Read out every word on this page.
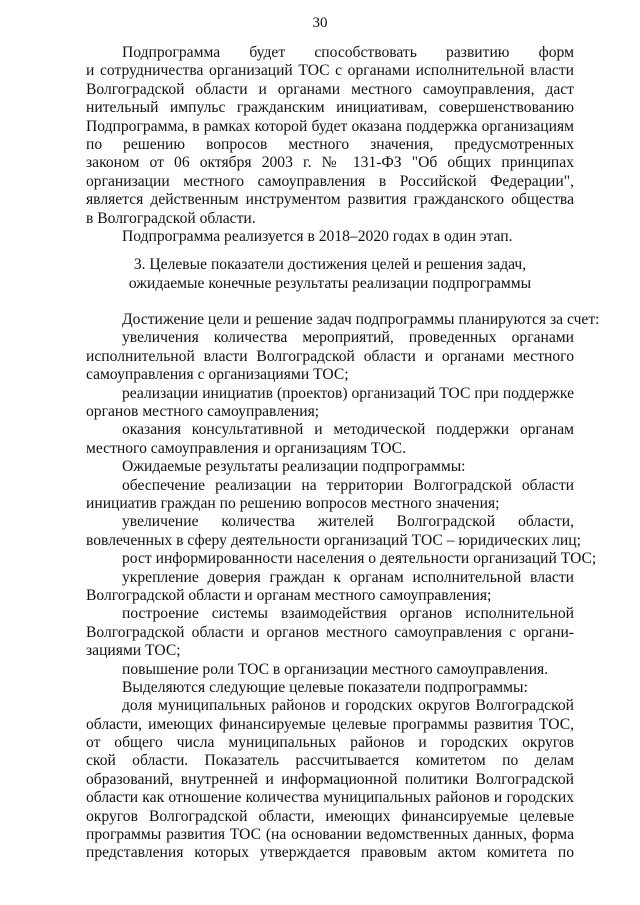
30
Подпрограмма будет способствовать развитию форм
и сотрудничества организаций ТОС с органами исполнительной власти
Волгоградской области и органами местного самоуправления, даст
нительный импульс гражданским инициативам, совершенствованию
Подпрограмма, в рамках которой будет оказана поддержка организациям
по решению вопросов местного значения, предусмотренных
законом от 06 октября 2003 г. № 131-ФЗ "Об общих принципах
организации местного самоуправления в Российской Федерации",
является действенным инструментом развития гражданского общества
в Волгоградской области.
Подпрограмма реализуется в 2018–2020 годах в один этап.
3. Целевые показатели достижения целей и решения задач,
ожидаемые конечные результаты реализации подпрограммы
Достижение цели и решение задач подпрограммы планируются за счет:
увеличения количества мероприятий, проведенных органами
исполнительной власти Волгоградской области и органами местного
самоуправления с организациями ТОС;
реализации инициатив (проектов) организаций ТОС при поддержке
органов местного самоуправления;
оказания консультативной и методической поддержки органам
местного самоуправления и организациям ТОС.
Ожидаемые результаты реализации подпрограммы:
обеспечение реализации на территории Волгоградской области
инициатив граждан по решению вопросов местного значения;
увеличение количества жителей Волгоградской области,
вовлеченных в сферу деятельности организаций ТОС – юридических лиц;
рост информированности населения о деятельности организаций ТОС;
укрепление доверия граждан к органам исполнительной власти
Волгоградской области и органам местного самоуправления;
построение системы взаимодействия органов исполнительной
Волгоградской области и органов местного самоуправления с органи-
зациями ТОС;
повышение роли ТОС в организации местного самоуправления.
Выделяются следующие целевые показатели подпрограммы:
доля муниципальных районов и городских округов Волгоградской
области, имеющих финансируемые целевые программы развития ТОС,
от общего числа муниципальных районов и городских округов
ской области. Показатель рассчитывается комитетом по делам
образований, внутренней и информационной политики Волгоградской
области как отношение количества муниципальных районов и городских
округов Волгоградской области, имеющих финансируемые целевые
программы развития ТОС (на основании ведомственных данных, форма
представления которых утверждается правовым актом комитета по
